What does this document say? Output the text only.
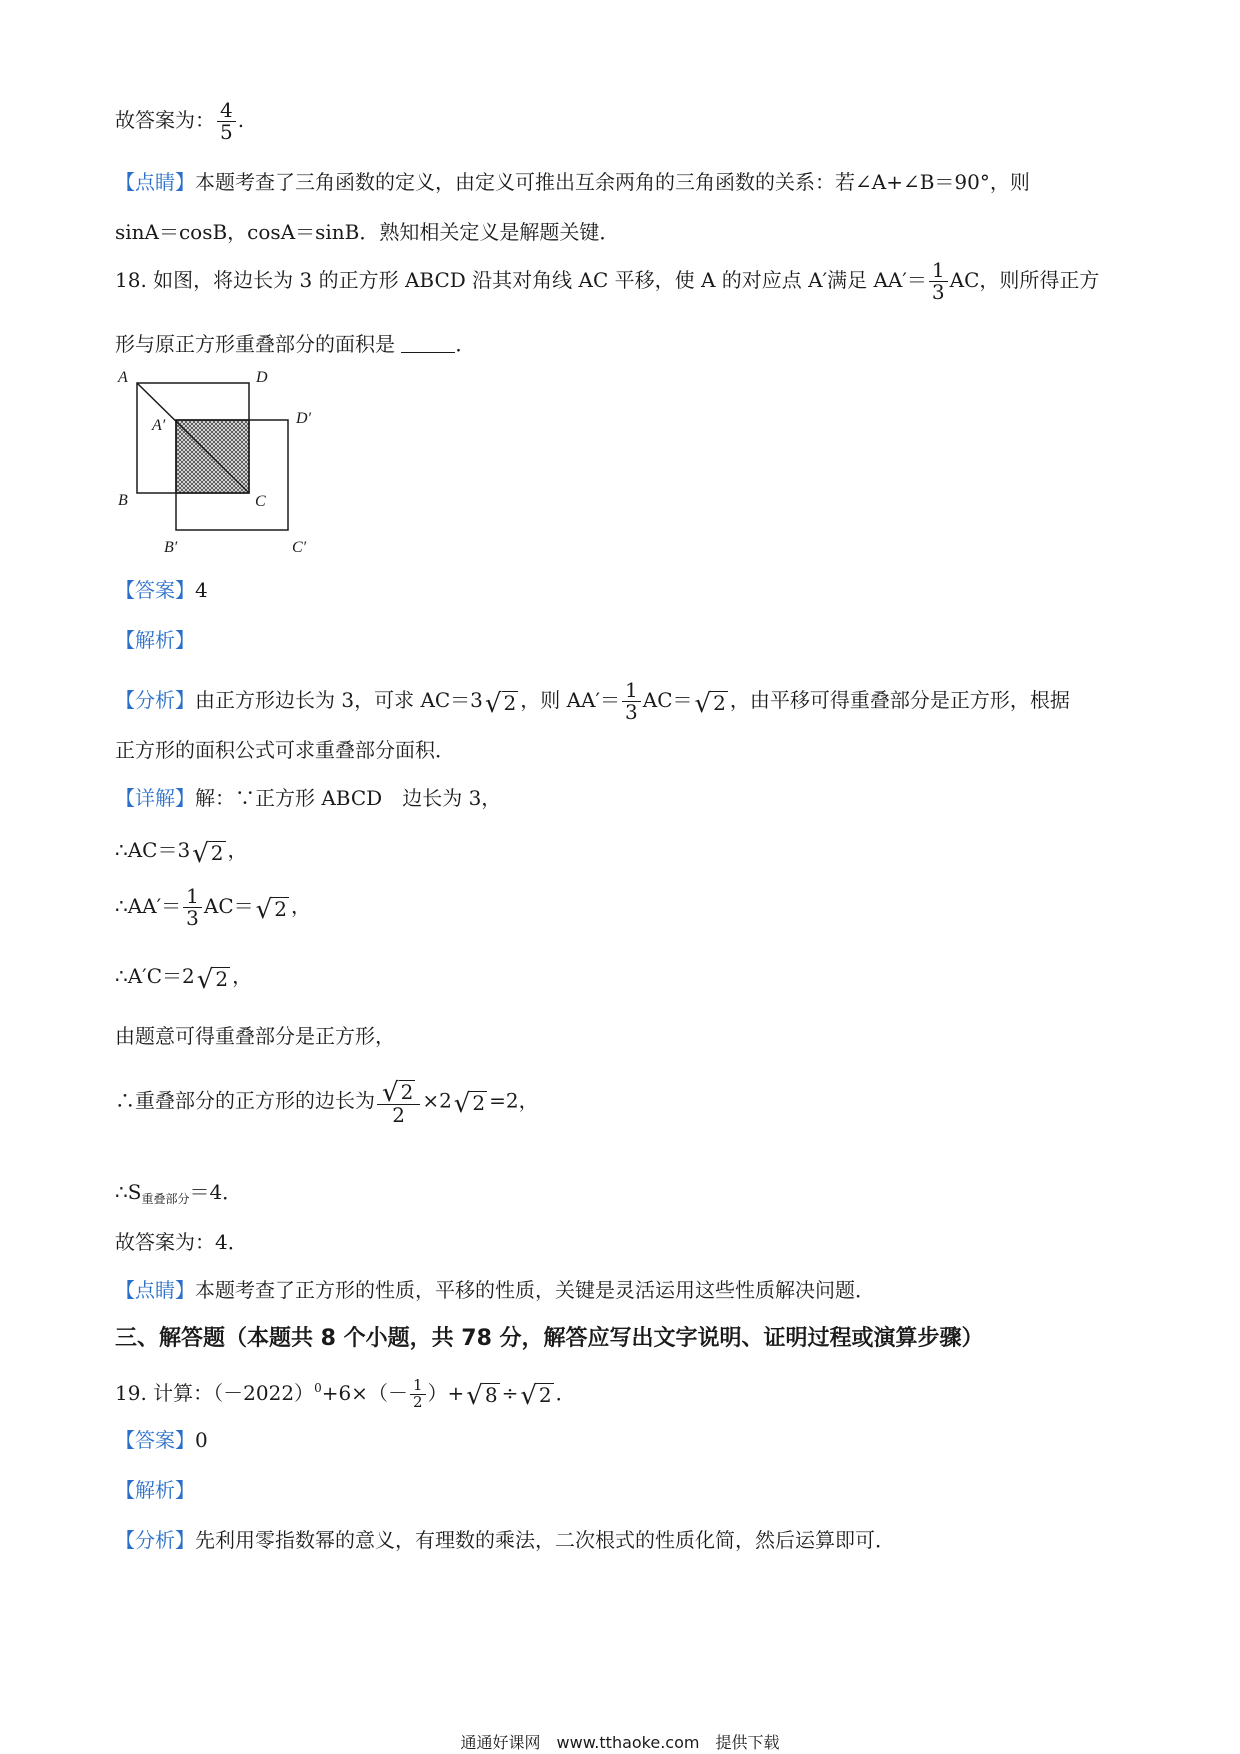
故答案为： $\frac{4}{5}$ .
【点睛】本题考查了三角函数的定义，由定义可推出互余两角的三角函数的关系：若∠A+∠B＝90°，则
sinA＝cosB，cosA＝sinB．熟知相关定义是解题关键．
18. 如图，将边长为 3 的正方形 ABCD 沿其对角线 AC 平移，使 A 的对应点 A′满足 $AA'= \frac{1}{3}$ AC，则所得正方
形与原正方形重叠部分的面积是	．
A	D
A′	D′
B	C
B′	C′
【答案】4
【解析】
【分析】由正方形边长为 3，可求 AC＝3 √ 2 ，则 $AA'= \frac{1}{3} AC=$ √ 2 ，由平移可得重叠部分是正方形，根据
正方形的面积公式可求重叠部分面积．
【详解】解：∵正方形 ABCD　边长为 3，
∴AC＝3 √ 2 ，
∴AA′＝ $\frac{1}{3} AC=$ √ 2 ，
∴A′C＝2 √ 2 ，
由题意可得重叠部分是正方形，
∴重叠部分的正方形的边长为 $\frac{√ 2}{2} \times 2$ √ 2 =2，
$\therefore S_{重叠部分}=4$．
故答案为：4．
【点睛】本题考查了正方形的性质，平移的性质，关键是灵活运用这些性质解决问题．
三、解答题（本题共 8 个小题，共 78 分，解答应写出文字说明、证明过程或演算步骤）
19. 计算：$(-2022)^0+6\times(- \frac{1}{2}$ ）+ √ 8 ÷ √ 2 ．
【答案】0
【解析】
【分析】先利用零指数幂的意义，有理数的乘法，二次根式的性质化简，然后运算即可．
通通好课网　www.tthaoke.com　提供下载
